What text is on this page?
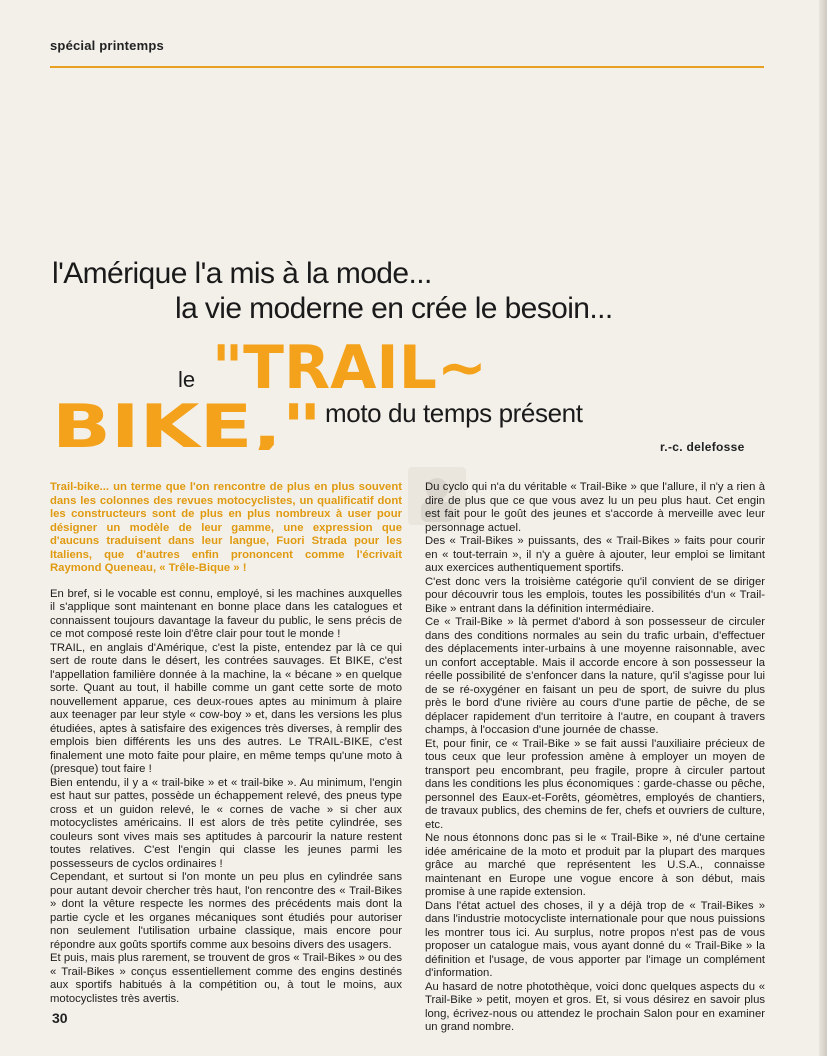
spécial printemps
l'Amérique l'a mis à la mode...
la vie moderne en crée le besoin...
"TRAIL~
BIKE,"
le
moto du temps présent
r.-c. delefosse

Trail-bike... un terme que l'on rencontre de plus en plus souvent dans les colonnes des revues motocyclistes, un qualificatif dont les constructeurs sont de plus en plus nombreux à user pour désigner un modèle de leur gamme, une expression que d'aucuns traduisent dans leur langue, Fuori Strada pour les Italiens, que d'autres enfin prononcent comme l'écrivait Raymond Queneau, « Trêle-Bique » !

En bref, si le vocable est connu, employé, si les machines auxquelles il s'applique sont maintenant en bonne place dans les catalogues et connaissent toujours davantage la faveur du public, le sens précis de ce mot composé reste loin d'être clair pour tout le monde !

TRAIL, en anglais d'Amérique, c'est la piste, entendez par là ce qui sert de route dans le désert, les contrées sauvages. Et BIKE, c'est l'appellation familière donnée à la machine, la « bécane » en quelque sorte. Quant au tout, il habille comme un gant cette sorte de moto nouvellement apparue, ces deux-roues aptes au minimum à plaire aux teenager par leur style « cow-boy » et, dans les versions les plus étudiées, aptes à satisfaire des exigences très diverses, à remplir des emplois bien différents les uns des autres. Le TRAIL-BIKE, c'est finalement une moto faite pour plaire, en même temps qu'une moto à (presque) tout faire !

Bien entendu, il y a « trail-bike » et « trail-bike ». Au minimum, l'engin est haut sur pattes, possède un échappement relevé, des pneus type cross et un guidon relevé, le « cornes de vache » si cher aux motocyclistes américains. Il est alors de très petite cylindrée, ses couleurs sont vives mais ses aptitudes à parcourir la nature restent toutes relatives. C'est l'engin qui classe les jeunes parmi les possesseurs de cyclos ordinaires !

Cependant, et surtout si l'on monte un peu plus en cylindrée sans pour autant devoir chercher très haut, l'on rencontre des « Trail-Bikes » dont la vêture respecte les normes des précédents mais dont la partie cycle et les organes mécaniques sont étudiés pour autoriser non seulement l'utilisation urbaine classique, mais encore pour répondre aux goûts sportifs comme aux besoins divers des usagers.

Et puis, mais plus rarement, se trouvent de gros « Trail-Bikes » ou des « Trail-Bikes » conçus essentiellement comme des engins destinés aux sportifs habitués à la compétition ou, à tout le moins, aux motocyclistes très avertis.

Du cyclo qui n'a du véritable « Trail-Bike » que l'allure, il n'y a rien à dire de plus que ce que vous avez lu un peu plus haut. Cet engin est fait pour le goût des jeunes et s'accorde à merveille avec leur personnage actuel.

Des « Trail-Bikes » puissants, des « Trail-Bikes » faits pour courir en « tout-terrain », il n'y a guère à ajouter, leur emploi se limitant aux exercices authentiquement sportifs.

C'est donc vers la troisième catégorie qu'il convient de se diriger pour découvrir tous les emplois, toutes les possibilités d'un « Trail-Bike » entrant dans la définition intermédiaire.

Ce « Trail-Bike » là permet d'abord à son possesseur de circuler dans des conditions normales au sein du trafic urbain, d'effectuer des déplacements inter-urbains à une moyenne raisonnable, avec un confort acceptable. Mais il accorde encore à son possesseur la réelle possibilité de s'enfoncer dans la nature, qu'il s'agisse pour lui de se ré-oxygéner en faisant un peu de sport, de suivre du plus près le bord d'une rivière au cours d'une partie de pêche, de se déplacer rapidement d'un territoire à l'autre, en coupant à travers champs, à l'occasion d'une journée de chasse.

Et, pour finir, ce « Trail-Bike » se fait aussi l'auxiliaire précieux de tous ceux que leur profession amène à employer un moyen de transport peu encombrant, peu fragile, propre à circuler partout dans les conditions les plus économiques : garde-chasse ou pêche, personnel des Eaux-et-Forêts, géomètres, employés de chantiers, de travaux publics, des chemins de fer, chefs et ouvriers de culture, etc.

Ne nous étonnons donc pas si le « Trail-Bike », né d'une certaine idée américaine de la moto et produit par la plupart des marques grâce au marché que représentent les U.S.A., connaisse maintenant en Europe une vogue encore à son début, mais promise à une rapide extension.

Dans l'état actuel des choses, il y a déjà trop de « Trail-Bikes » dans l'industrie motocycliste internationale pour que nous puissions les montrer tous ici. Au surplus, notre propos n'est pas de vous proposer un catalogue mais, vous ayant donné du « Trail-Bike » la définition et l'usage, de vous apporter par l'image un complément d'information.

Au hasard de notre photothèque, voici donc quelques aspects du « Trail-Bike » petit, moyen et gros. Et, si vous désirez en savoir plus long, écrivez-nous ou attendez le prochain Salon pour en examiner un grand nombre.

30
